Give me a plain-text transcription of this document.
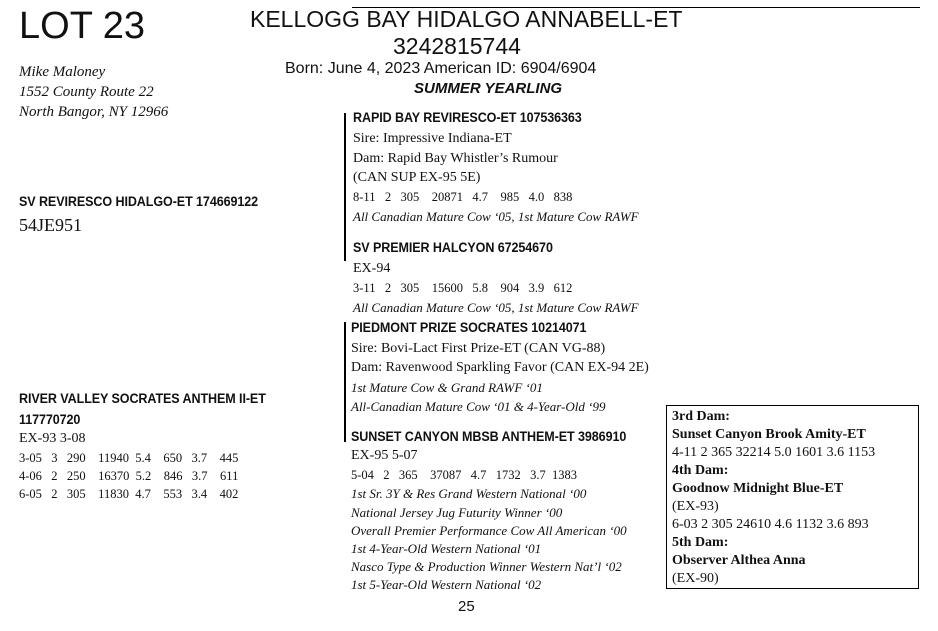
LOT 23	KELLOGG BAY HIDALGO ANNABELL-ET
3242815744
Born: June 4, 2023 American ID: 6904/6904
SUMMER YEARLING
Mike Maloney
1552 County Route 22
North Bangor, NY 12966
SV REVIRESCO HIDALGO-ET 174669122
54JE951
RAPID BAY REVIRESCO-ET 107536363
Sire: Impressive Indiana-ET
Dam: Rapid Bay Whistler’s Rumour
(CAN SUP EX-95 5E)
8-11   2   305    20871   4.7    985   4.0   838
All Canadian Mature Cow ‘05, 1st Mature Cow RAWF
SV PREMIER HALCYON 67254670
EX-94
3-11   2   305    15600   5.8    904   3.9   612
All Canadian Mature Cow ‘05, 1st Mature Cow RAWF
RIVER VALLEY SOCRATES ANTHEM II-ET
117770720
EX-93 3-08
3-05   3   290    11940  5.4    650   3.7    445
4-06   2   250    16370  5.2    846   3.7    611
6-05   2   305    11830  4.7    553   3.4    402
PIEDMONT PRIZE SOCRATES 10214071
Sire: Bovi-Lact First Prize-ET (CAN VG-88)
Dam: Ravenwood Sparkling Favor (CAN EX-94 2E)
1st Mature Cow & Grand RAWF ‘01
All-Canadian Mature Cow ‘01 & 4-Year-Old ‘99
SUNSET CANYON MBSB ANTHEM-ET 3986910
EX-95 5-07
5-04   2   365    37087   4.7   1732   3.7  1383
1st Sr. 3Y & Res Grand Western National ‘00
National Jersey Jug Futurity Winner ‘00
Overall Premier Performance Cow All American ‘00
1st 4-Year-Old Western National ‘01
Nasco Type & Production Winner Western Nat’l ‘02
1st 5-Year-Old Western National ‘02
3rd Dam:
Sunset Canyon Brook Amity-ET
4-11 2 365 32214 5.0 1601 3.6 1153
4th Dam:
Goodnow Midnight Blue-ET
(EX-93)
6-03 2 305 24610 4.6 1132 3.6 893
5th Dam:
Observer Althea Anna
(EX-90)
25
